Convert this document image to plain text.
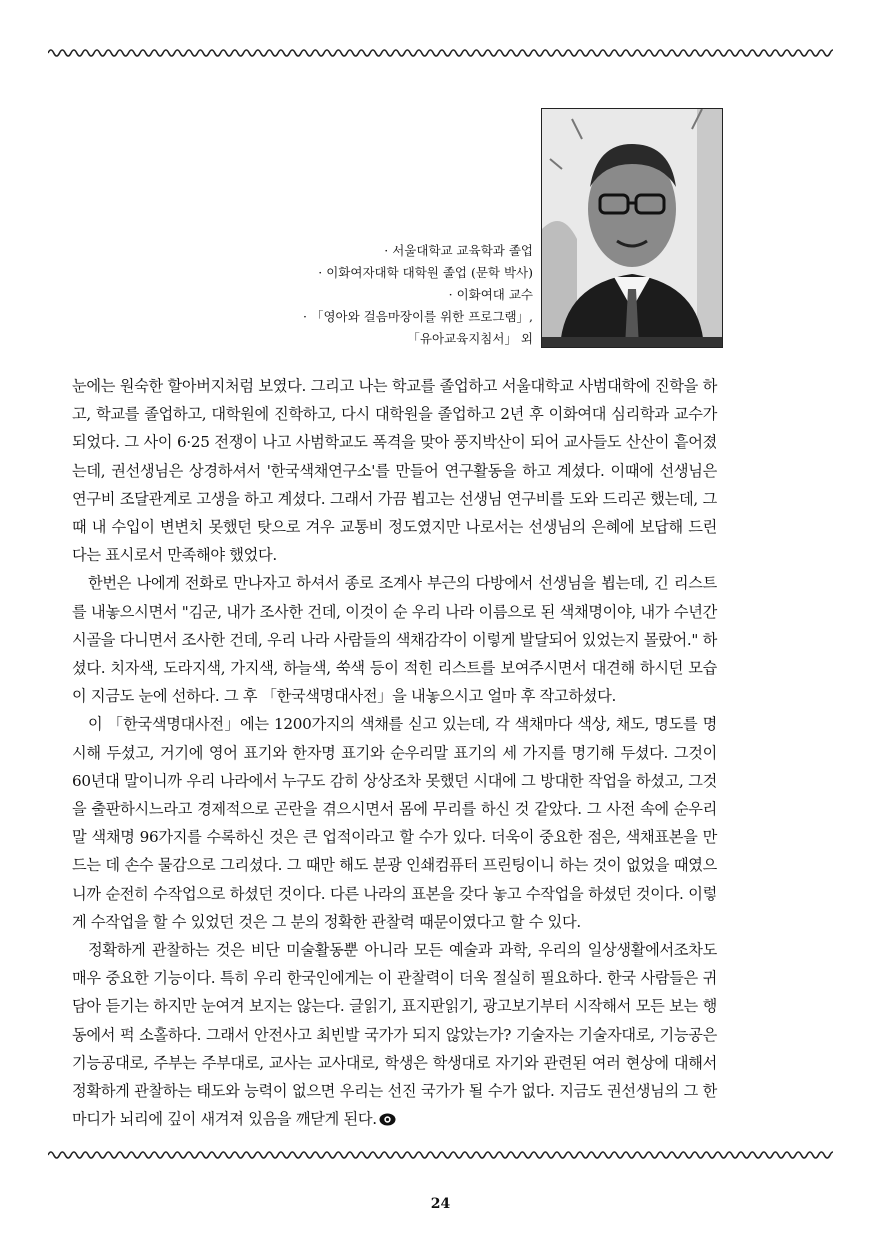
· 서울대학교 교육학과 졸업
· 이화여자대학 대학원 졸업 (문학 박사)
· 이화여대 교수
· 「영아와 걸음마장이를 위한 프로그램」,
「유아교육지침서」 외

눈에는 원숙한 할아버지처럼 보였다. 그리고 나는 학교를 졸업하고 서울대학교 사범대학에 진학을 하고, 학교를 졸업하고, 대학원에 진학하고, 다시 대학원을 졸업하고 2년 후 이화여대 심리학과 교수가 되었다. 그 사이 6·25 전쟁이 나고 사범학교도 폭격을 맞아 풍지박산이 되어 교사들도 산산이 흩어졌는데, 권선생님은 상경하셔서 '한국색채연구소'를 만들어 연구활동을 하고 계셨다. 이때에 선생님은 연구비 조달관계로 고생을 하고 계셨다. 그래서 가끔 뵙고는 선생님 연구비를 도와 드리곤 했는데, 그때 내 수입이 변변치 못했던 탓으로 겨우 교통비 정도였지만 나로서는 선생님의 은혜에 보답해 드린다는 표시로서 만족해야 했었다.

한번은 나에게 전화로 만나자고 하셔서 종로 조계사 부근의 다방에서 선생님을 뵙는데, 긴 리스트를 내놓으시면서 "김군, 내가 조사한 건데, 이것이 순 우리 나라 이름으로 된 색채명이야, 내가 수년간 시골을 다니면서 조사한 건데, 우리 나라 사람들의 색채감각이 이렇게 발달되어 있었는지 몰랐어." 하셨다. 치자색, 도라지색, 가지색, 하늘색, 쑥색 등이 적힌 리스트를 보여주시면서 대견해 하시던 모습이 지금도 눈에 선하다. 그 후 「한국색명대사전」을 내놓으시고 얼마 후 작고하셨다.

이 「한국색명대사전」에는 1200가지의 색채를 싣고 있는데, 각 색채마다 색상, 채도, 명도를 명시해 두셨고, 거기에 영어 표기와 한자명 표기와 순우리말 표기의 세 가지를 명기해 두셨다. 그것이 60년대 말이니까 우리 나라에서 누구도 감히 상상조차 못했던 시대에 그 방대한 작업을 하셨고, 그것을 출판하시느라고 경제적으로 곤란을 겪으시면서 몸에 무리를 하신 것 같았다. 그 사전 속에 순우리말 색채명 96가지를 수록하신 것은 큰 업적이라고 할 수가 있다. 더욱이 중요한 점은, 색채표본을 만드는 데 손수 물감으로 그리셨다. 그 때만 해도 분광 인쇄컴퓨터 프린팅이니 하는 것이 없었을 때였으니까 순전히 수작업으로 하셨던 것이다. 다른 나라의 표본을 갖다 놓고 수작업을 하셨던 것이다. 이렇게 수작업을 할 수 있었던 것은 그 분의 정확한 관찰력 때문이였다고 할 수 있다.

정확하게 관찰하는 것은 비단 미술활동뿐 아니라 모든 예술과 과학, 우리의 일상생활에서조차도 매우 중요한 기능이다. 특히 우리 한국인에게는 이 관찰력이 더욱 절실히 필요하다. 한국 사람들은 귀담아 듣기는 하지만 눈여겨 보지는 않는다. 글읽기, 표지판읽기, 광고보기부터 시작해서 모든 보는 행동에서 퍽 소홀하다. 그래서 안전사고 최빈발 국가가 되지 않았는가? 기술자는 기술자대로, 기능공은 기능공대로, 주부는 주부대로, 교사는 교사대로, 학생은 학생대로 자기와 관련된 여러 현상에 대해서 정확하게 관찰하는 태도와 능력이 없으면 우리는 선진 국가가 될 수가 없다. 지금도 권선생님의 그 한마디가 뇌리에 깊이 새겨져 있음을 깨닫게 된다.

24
